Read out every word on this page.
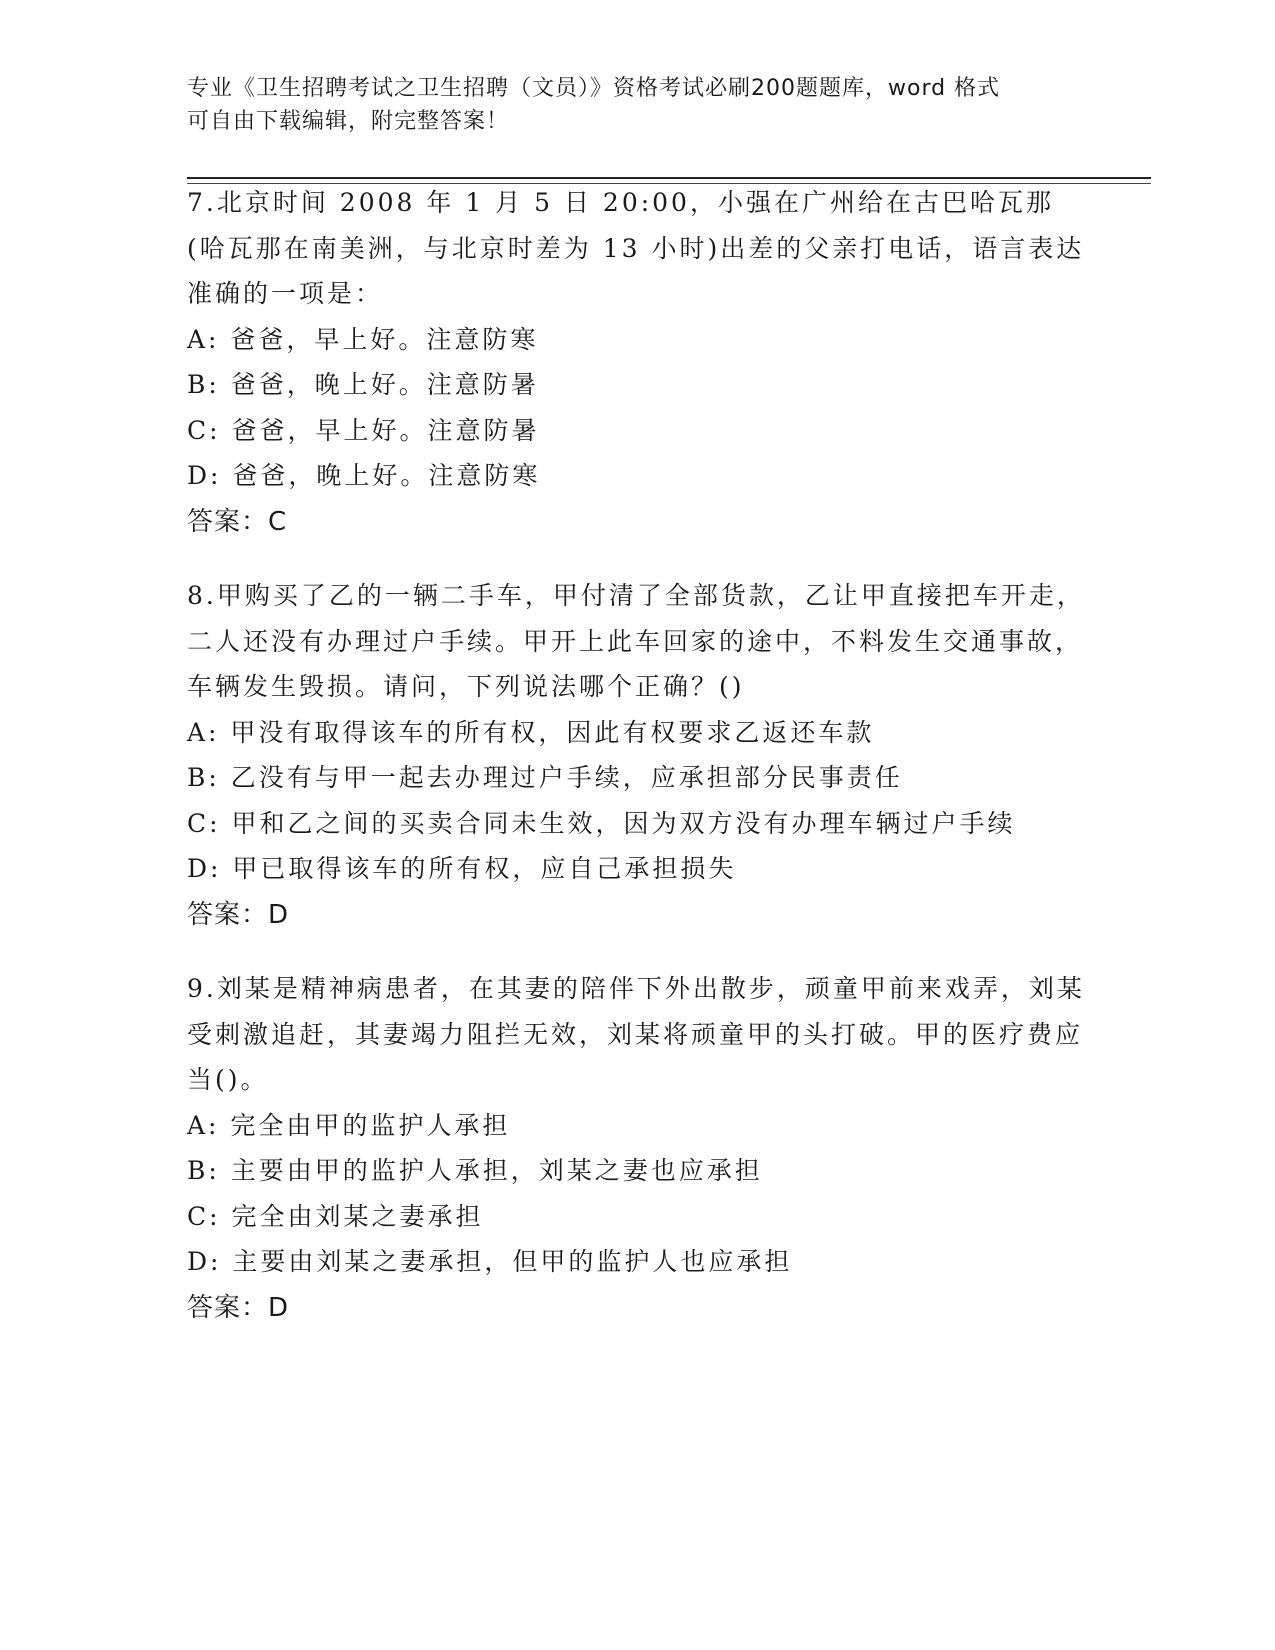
专业《卫生招聘考试之卫生招聘（文员）》资格考试必刷200题题库，word 格式
可自由下载编辑，附完整答案！

7.北京时间 2008 年 1 月 5 日 20:00，小强在广州给在古巴哈瓦那(哈瓦那在南美洲，与北京时差为 13 小时)出差的父亲打电话，语言表达准确的一项是：

A: 爸爸，早上好。注意防寒

B: 爸爸，晚上好。注意防暑

C: 爸爸，早上好。注意防暑

D: 爸爸，晚上好。注意防寒

答案：C

8.甲购买了乙的一辆二手车，甲付清了全部货款，乙让甲直接把车开走，二人还没有办理过户手续。甲开上此车回家的途中，不料发生交通事故，车辆发生毁损。请问，下列说法哪个正确？()

A: 甲没有取得该车的所有权，因此有权要求乙返还车款

B: 乙没有与甲一起去办理过户手续，应承担部分民事责任

C: 甲和乙之间的买卖合同未生效，因为双方没有办理车辆过户手续

D: 甲已取得该车的所有权，应自己承担损失

答案：D

9.刘某是精神病患者，在其妻的陪伴下外出散步，顽童甲前来戏弄，刘某受刺激追赶，其妻竭力阻拦无效，刘某将顽童甲的头打破。甲的医疗费应当()。

A: 完全由甲的监护人承担

B: 主要由甲的监护人承担，刘某之妻也应承担

C: 完全由刘某之妻承担

D: 主要由刘某之妻承担，但甲的监护人也应承担

答案：D
